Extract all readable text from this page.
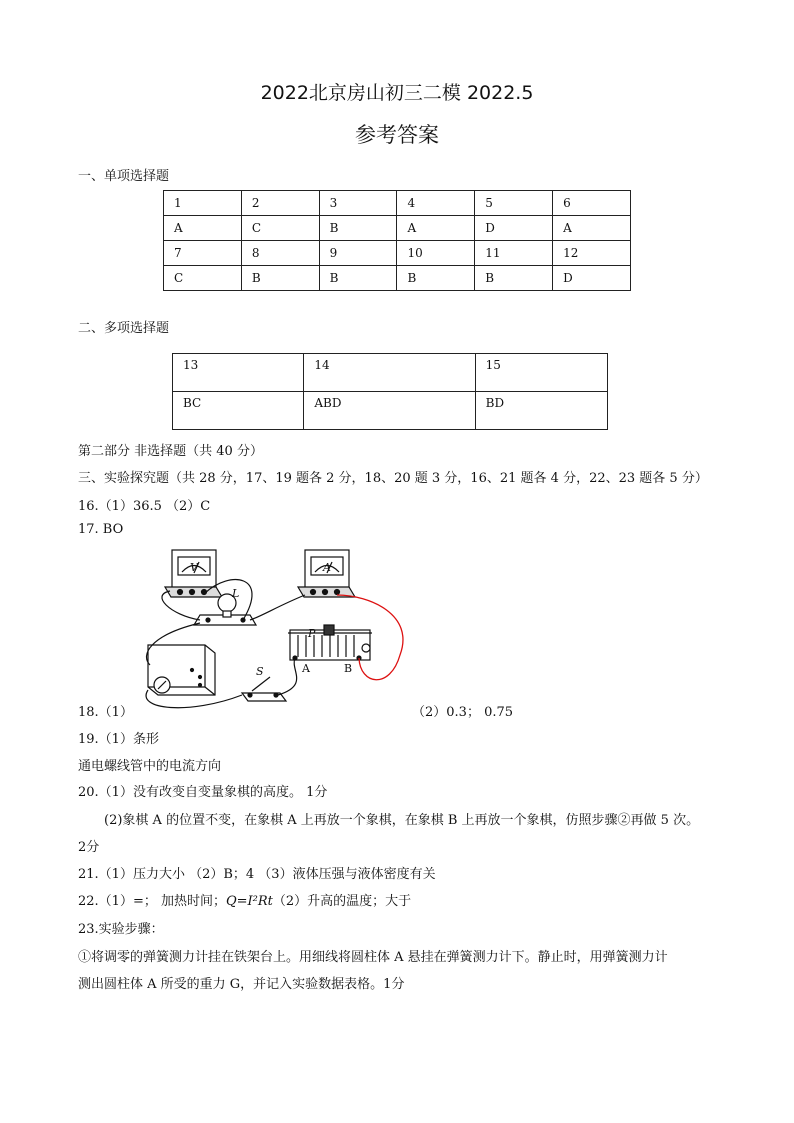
2022北京房山初三二模 2022.5
参考答案
一、单项选择题
1	2	3	4	5	6
A	C	B	A	D	A
7	8	9	10	11	12
C	B	B	B	B	D
二、多项选择题
13	14	15
BC	ABD	BD
第二部分 非选择题（共 40 分）
三、实验探究题（共 28 分，17、19 题各 2 分，18、20 题 3 分，16、21 题各 4 分，22、23 题各 5 分）
16.（1）36.5 （2）C
17. BO
V	A
L
P
S	A	B
18.（1）	（2）0.3； 0.75
19.（1）条形
通电螺线管中的电流方向
20.（1）没有改变自变量象棋的高度。 1分
(2)象棋 A 的位置不变，在象棋 A 上再放一个象棋，在象棋 B 上再放一个象棋，仿照步骤②再做 5 次。
2分
21.（1）压力大小 （2）B；4 （3）液体压强与液体密度有关
22.（1）=； 加热时间；Q=I²Rt（2）升高的温度；大于
23.实验步骤：
①将调零的弹簧测力计挂在铁架台上。用细线将圆柱体 A 悬挂在弹簧测力计下。静止时，用弹簧测力计
测出圆柱体 A 所受的重力 G，并记入实验数据表格。1分
